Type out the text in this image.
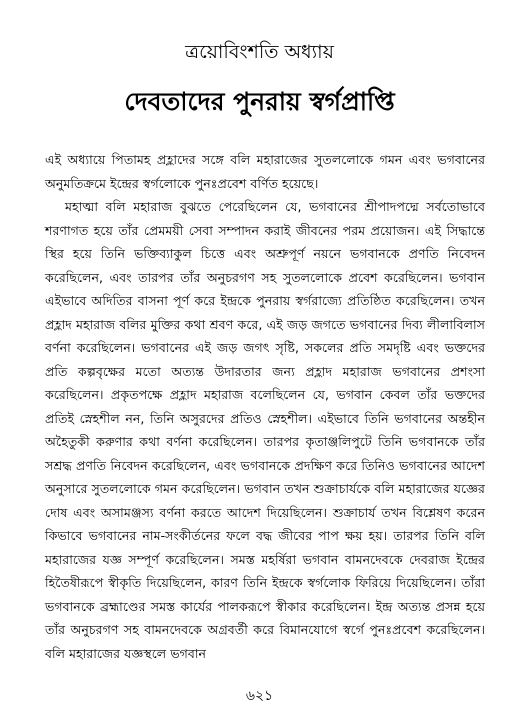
ত্রয়োবিংশতি অধ্যায়
দেবতাদের পুনরায় স্বর্গপ্রাপ্তি

এই অধ্যায়ে পিতামহ প্রহ্লাদের সঙ্গে বলি মহারাজের সুতললোকে গমন এবং ভগবানের অনুমতিক্রমে ইন্দ্রের স্বর্গলোকে পুনঃপ্রবেশ বর্ণিত হয়েছে।

মহাত্মা বলি মহারাজ বুঝতে পেরেছিলেন যে, ভগবানের শ্রীপাদপদ্মে সর্বতোভাবে শরণাগত হয়ে তাঁর প্রেমময়ী সেবা সম্পাদন করাই জীবনের পরম প্রয়োজন। এই সিদ্ধান্তে স্থির হয়ে তিনি ভক্তিব্যাকুল চিত্তে এবং অশ্রুপূর্ণ নয়নে ভগবানকে প্রণতি নিবেদন করেছিলেন, এবং তারপর তাঁর অনুচরগণ সহ সুতললোকে প্রবেশ করেছিলেন। ভগবান এইভাবে অদিতির বাসনা পূর্ণ করে ইন্দ্রকে পুনরায় স্বর্গরাজ্যে প্রতিষ্ঠিত করেছিলেন। তখন প্রহ্লাদ মহারাজ বলির মুক্তির কথা শ্রবণ করে, এই জড় জগতে ভগবানের দিব্য লীলাবিলাস বর্ণনা করেছিলেন। ভগবানের এই জড় জগৎ সৃষ্টি, সকলের প্রতি সমদৃষ্টি এবং ভক্তদের প্রতি কল্পবৃক্ষের মতো অত্যন্ত উদারতার জন্য প্রহ্লাদ মহারাজ ভগবানের প্রশংসা করেছিলেন। প্রকৃতপক্ষে প্রহ্লাদ মহারাজ বলেছিলেন যে, ভগবান কেবল তাঁর ভক্তদের প্রতিই স্নেহশীল নন, তিনি অসুরদের প্রতিও স্নেহশীল। এইভাবে তিনি ভগবানের অন্তহীন অহৈতুকী করুণার কথা বর্ণনা করেছিলেন। তারপর কৃতাঞ্জলিপুটে তিনি ভগবানকে তাঁর সশ্রদ্ধ প্রণতি নিবেদন করেছিলেন, এবং ভগবানকে প্রদক্ষিণ করে তিনিও ভগবানের আদেশ অনুসারে সুতললোকে গমন করেছিলেন। ভগবান তখন শুক্রাচার্যকে বলি মহারাজের যজ্ঞের দোষ এবং অসামঞ্জস্য বর্ণনা করতে আদেশ দিয়েছিলেন। শুক্রাচার্য তখন বিশ্লেষণ করেন কিভাবে ভগবানের নাম-সংকীর্তনের ফলে বদ্ধ জীবের পাপ ক্ষয় হয়। তারপর তিনি বলি মহারাজের যজ্ঞ সম্পূর্ণ করেছিলেন। সমস্ত মহর্ষিরা ভগবান বামনদেবকে দেবরাজ ইন্দ্রের হিতৈষীরূপে স্বীকৃতি দিয়েছিলেন, কারণ তিনি ইন্দ্রকে স্বর্গলোক ফিরিয়ে দিয়েছিলেন। তাঁরা ভগবানকে ব্রহ্মাণ্ডের সমস্ত কার্যের পালকরূপে স্বীকার করেছিলেন। ইন্দ্র অত্যন্ত প্রসন্ন হয়ে তাঁর অনুচরগণ সহ বামনদেবকে অগ্রবর্তী করে বিমানযোগে স্বর্গে পুনঃপ্রবেশ করেছিলেন। বলি মহারাজের যজ্ঞস্থলে ভগবান

৬২১
